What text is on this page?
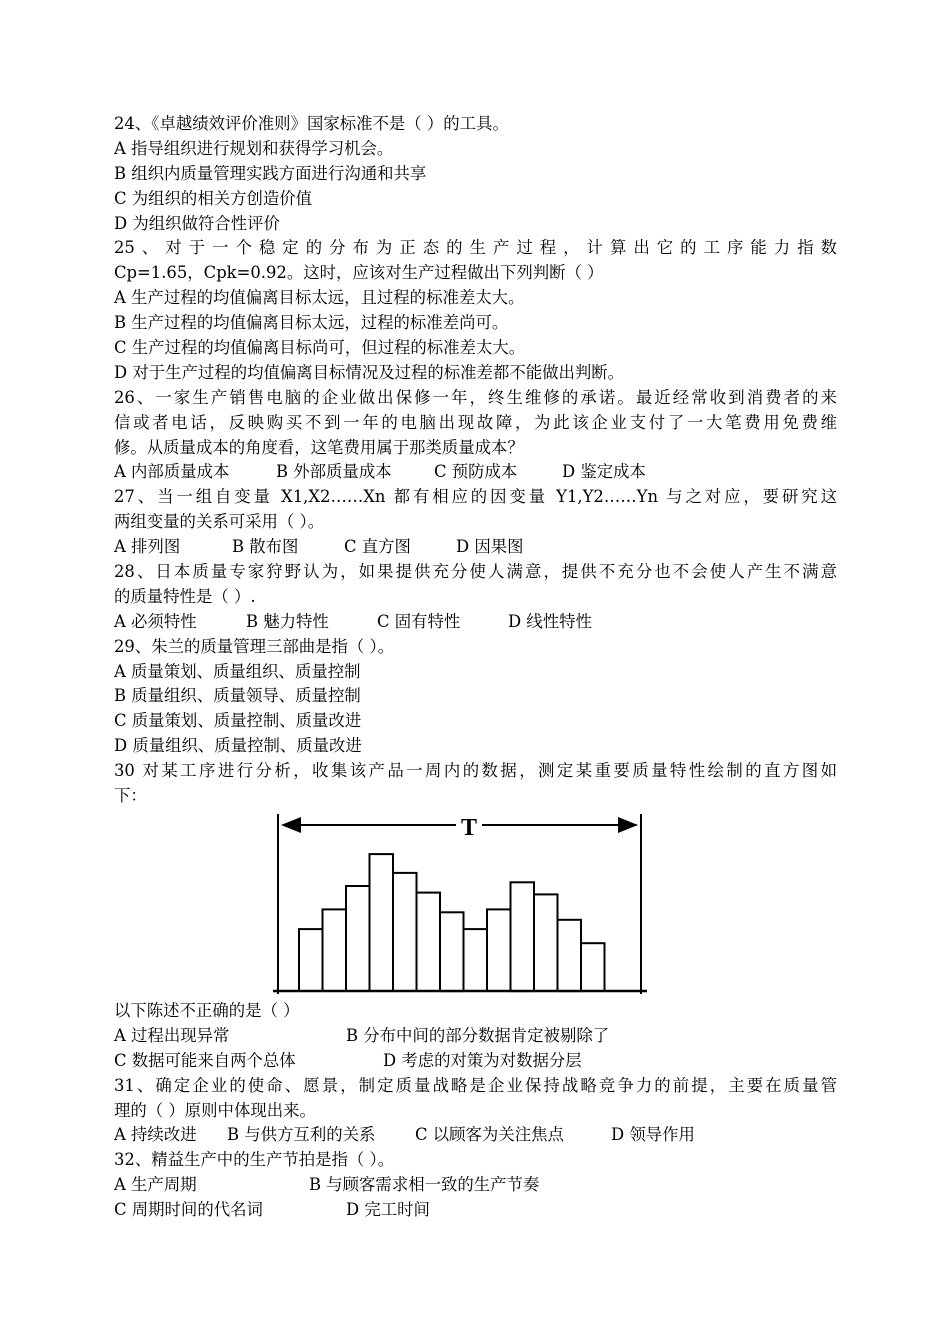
24、《卓越绩效评价准则》国家标准不是（ ）的工具。
A 指导组织进行规划和获得学习机会。
B 组织内质量管理实践方面进行沟通和共享
C 为组织的相关方创造价值
D 为组织做符合性评价
25、对于一个稳定的分布为正态的生产过程，计算出它的工序能力指数
Cp=1.65，Cpk=0.92。这时，应该对生产过程做出下列判断（ ）
A 生产过程的均值偏离目标太远，且过程的标准差太大。
B 生产过程的均值偏离目标太远，过程的标准差尚可。
C 生产过程的均值偏离目标尚可，但过程的标准差太大。
D 对于生产过程的均值偏离目标情况及过程的标准差都不能做出判断。
26、一家生产销售电脑的企业做出保修一年，终生维修的承诺。最近经常收到消费者的来
信或者电话，反映购买不到一年的电脑出现故障，为此该企业支付了一大笔费用免费维
修。从质量成本的角度看，这笔费用属于那类质量成本？
A 内部质量成本	B 外部质量成本	C 预防成本	D 鉴定成本
27、当一组自变量 X1,X2……Xn 都有相应的因变量 Y1,Y2……Yn 与之对应，要研究这
两组变量的关系可采用（ ）。
A 排列图	B 散布图	C 直方图	D 因果图
28、日本质量专家狩野认为，如果提供充分使人满意，提供不充分也不会使人产生不满意
的质量特性是（ ）.
A 必须特性	B 魅力特性	C 固有特性	D 线性特性
29、朱兰的质量管理三部曲是指（ ）。
A 质量策划、质量组织、质量控制
B 质量组织、质量领导、质量控制
C 质量策划、质量控制、质量改进
D 质量组织、质量控制、质量改进
30 对某工序进行分析，收集该产品一周内的数据，测定某重要质量特性绘制的直方图如
下：
T
以下陈述不正确的是（ ）
A 过程出现异常	B 分布中间的部分数据肯定被剔除了
C 数据可能来自两个总体	D 考虑的对策为对数据分层
31、确定企业的使命、愿景，制定质量战略是企业保持战略竞争力的前提，主要在质量管
理的（ ）原则中体现出来。
A 持续改进	B 与供方互利的关系	C 以顾客为关注焦点	D 领导作用
32、精益生产中的生产节拍是指（ ）。
A 生产周期	B 与顾客需求相一致的生产节奏
C 周期时间的代名词	D 完工时间
